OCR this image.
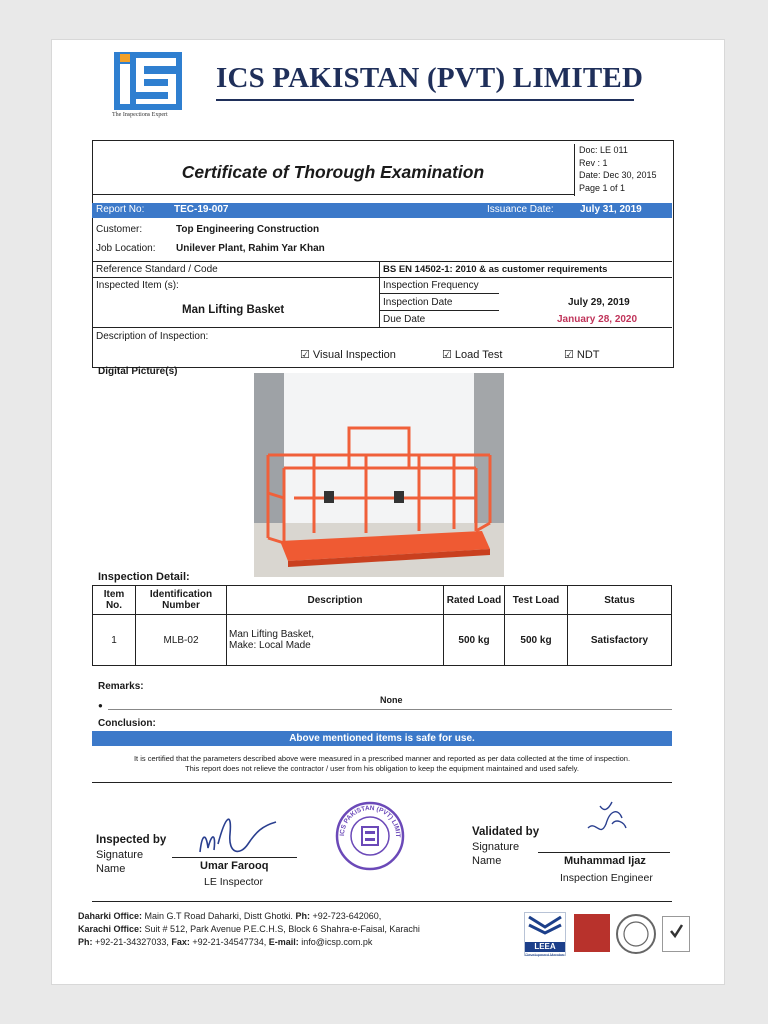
The Inspections Expert
ICS PAKISTAN (PVT) LIMITED
Certificate of Thorough Examination
Doc: LE 011
Rev : 1
Date: Dec 30, 2015
Page 1 of 1
Report No:	TEC-19-007	Issuance Date:	July 31, 2019
Customer:	Top Engineering Construction
Job Location: Unilever Plant, Rahim Yar Khan
Reference Standard / Code	BS EN 14502-1: 2010 & as customer requirements
Inspected Item (s):
Man Lifting Basket
Inspection Frequency
Inspection Date	July 29, 2019
Due Date	January 28, 2020
Description of Inspection:
☑ Visual Inspection	☑ Load Test	☑ NDT
Digital Picture(s)
Inspection Detail:
Item No.	Identification Number	Description	Rated Load	Test Load	Status
1	MLB-02	Man Lifting Basket,
Make: Local Made	500 kg	500 kg	Satisfactory
Remarks:
●
None
Conclusion:
Above mentioned items is safe for use.
It is certified that the parameters described above were measured in a prescribed manner and reported as per data collected at the time of inspection.
This report does not relieve the contractor / user from his obligation to keep the equipment maintained and used safely.
Inspected by
Signature
Name	Umar Farooq
LE Inspector
ICS PAKISTAN (PVT) LIMIT	Validated by
Signature
Name	Muhammad Ijaz
Inspection Engineer
Daharki Office: Main G.T Road Daharki, Distt Ghotki. Ph: +92-723-642060,
Karachi Office: Suit # 512, Park Avenue P.E.C.H.S, Block 6 Shahra-e-Faisal, Karachi
Ph: +92-21-34327033, Fax: +92-21-34547734, E-mail: info@icsp.com.pk	LEEA
Development Member
